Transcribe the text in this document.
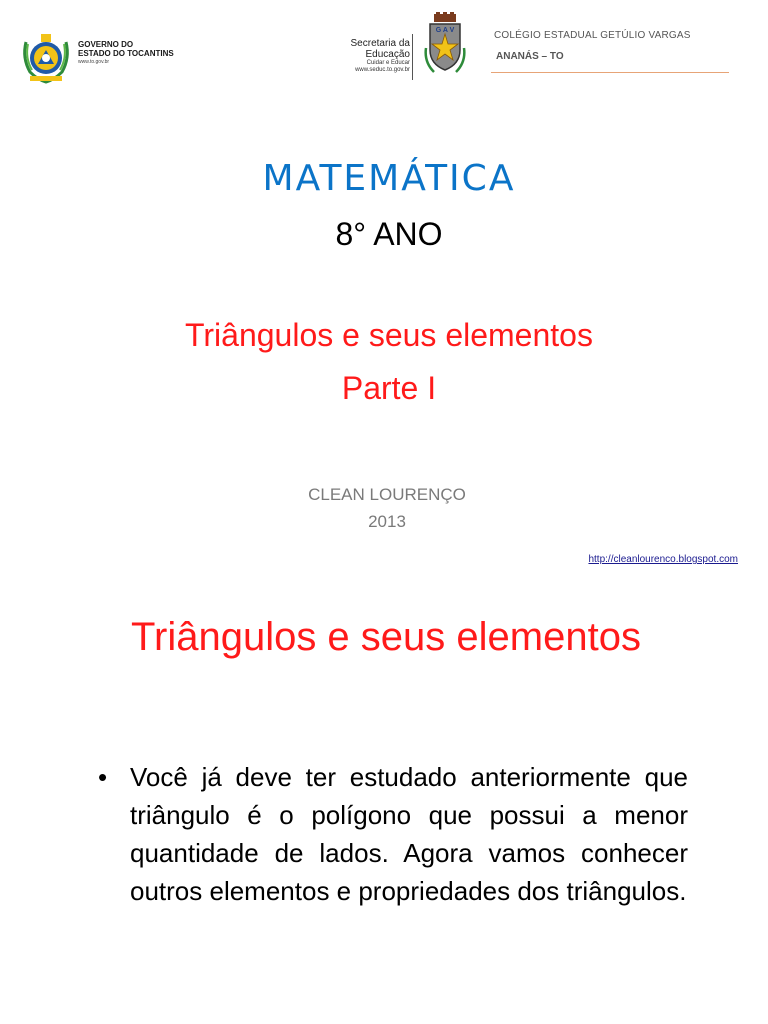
GOVERNO DO
ESTADO DO TOCANTINS
www.to.gov.br
Secretaria da
Educação
Cuidar e Educar
www.seduc.to.gov.br
G A V	COLÉGIO ESTADUAL GETÚLIO VARGAS
ANANÁS – TO
MATEMÁTICA
8° ANO
Triângulos e seus elementos
Parte I
CLEAN LOURENÇO
2013
http://cleanlourenco.blogspot.com
Triângulos e seus elementos
• Você já deve ter estudado anteriormente que triângulo é o polígono que possui a menor quantidade de lados. Agora vamos conhecer outros elementos e propriedades dos triângulos.
